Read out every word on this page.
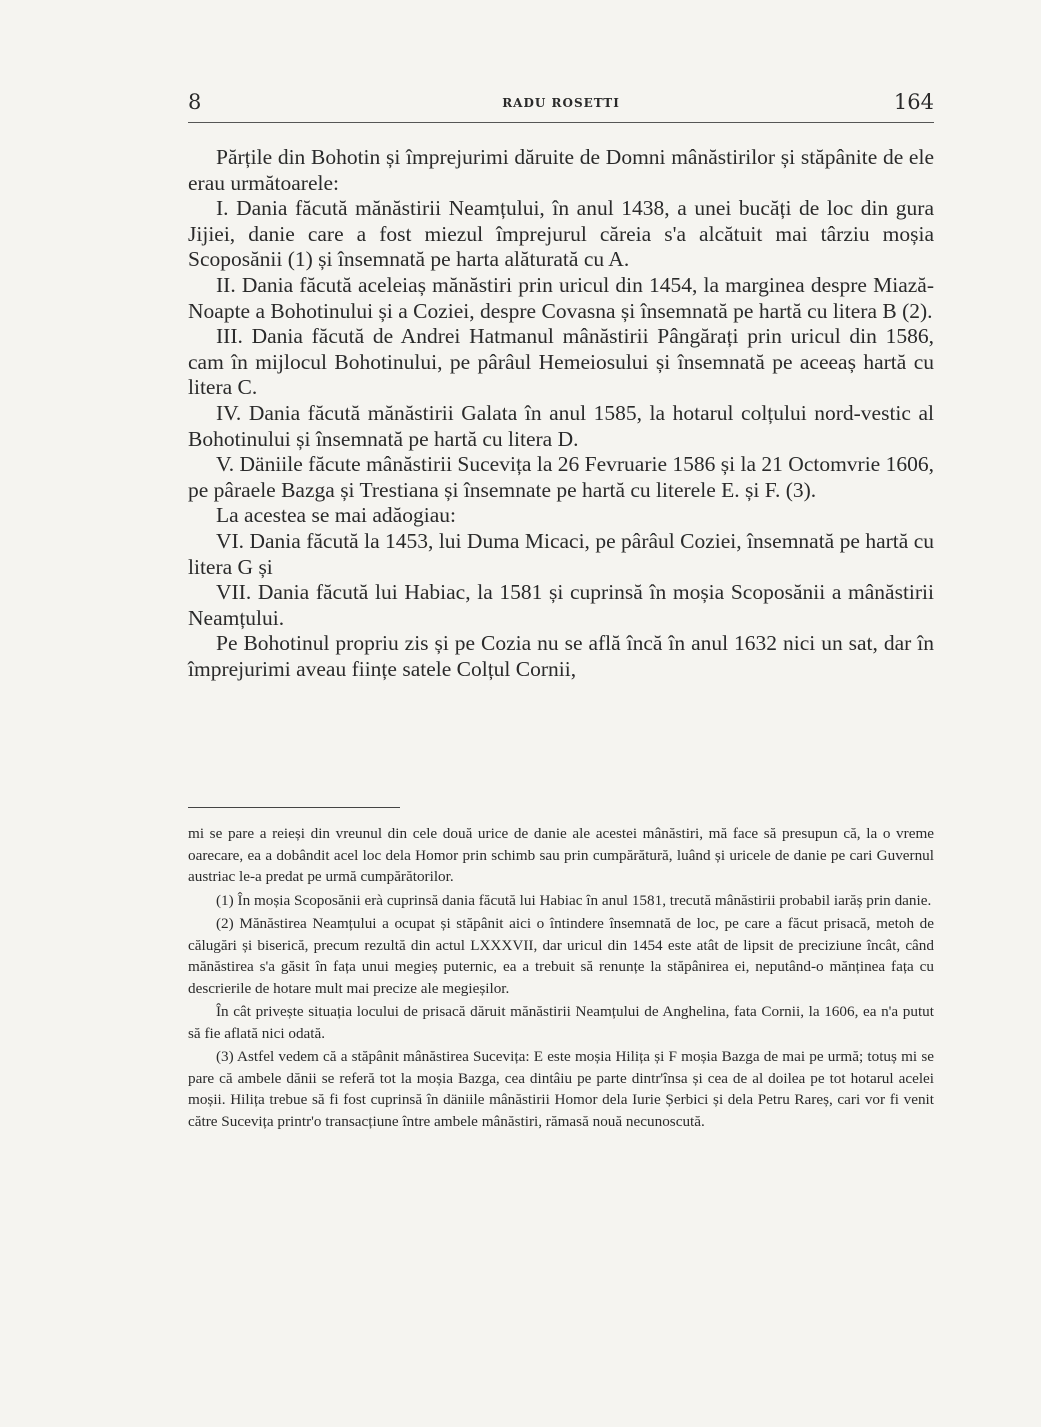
8	RADU ROSETTI	164

Părțile din Bohotin și împrejurimi dăruite de Domni mânăstirilor și stăpânite de ele erau următoarele:

I. Dania făcută mănăstirii Neamțului, în anul 1438, a unei bucăți de loc din gura Jijiei, danie care a fost miezul împrejurul căreia s'a alcătuit mai târziu moșia Scoposănii (1) și însemnată pe harta alăturată cu A.

II. Dania făcută aceleiaș mănăstiri prin uricul din 1454, la marginea despre Miază-Noapte a Bohotinului și a Coziei, despre Covasna și însemnată pe hartă cu litera B (2).

III. Dania făcută de Andrei Hatmanul mânăstirii Pângărați prin uricul din 1586, cam în mijlocul Bohotinului, pe pârâul Hemeiosului și însemnată pe aceeaș hartă cu litera C.

IV. Dania făcută mănăstirii Galata în anul 1585, la hotarul colțului nord-vestic al Bohotinului și însemnată pe hartă cu litera D.

V. Däniile făcute mânăstirii Sucevița la 26 Fevruarie 1586 și la 21 Octomvrie 1606, pe pâraele Bazga și Trestiana și însemnate pe hartă cu literele E. și F. (3).

La acestea se mai adăogiau:

VI. Dania făcută la 1453, lui Duma Micaci, pe pârâul Coziei, însemnată pe hartă cu litera G și

VII. Dania făcută lui Habiac, la 1581 și cuprinsă în moșia Scoposănii a mânăstirii Neamțului.

Pe Bohotinul propriu zis și pe Cozia nu se află încă în anul 1632 nici un sat, dar în împrejurimi aveau ființe satele Colțul Cornii,

mi se pare a reieși din vreunul din cele două urice de danie ale acestei mânăstiri, mă face să presupun că, la o vreme oarecare, ea a dobândit acel loc dela Homor prin schimb sau prin cumpărătură, luând și uricele de danie pe cari Guvernul austriac le-a predat pe urmă cumpărătorilor.

(1) În moșia Scoposănii erà cuprinsă dania făcută lui Habiac în anul 1581, trecută mânăstirii probabil iarăș prin danie.

(2) Mănăstirea Neamțului a ocupat și stăpânit aici o întindere însemnată de loc, pe care a făcut prisacă, metoh de călugări și biserică, precum rezultă din actul LXXXVII, dar uricul din 1454 este atât de lipsit de preciziune încât, când mănăstirea s'a găsit în fața unui megieș puternic, ea a trebuit să renunțe la stăpânirea ei, neputând-o mănținea fața cu descrierile de hotare mult mai precize ale megieșilor.

În cât privește situația locului de prisacă dăruit mănăstirii Neamțului de Anghelina, fata Cornii, la 1606, ea n'a putut să fie aflată nici odată.

(3) Astfel vedem că a stăpânit mânăstirea Sucevița: E este moșia Hilița și F moșia Bazga de mai pe urmă; totuș mi se pare că ambele dănii se referă tot la moșia Bazga, cea dintâiu pe parte dintr'însa și cea de al doilea pe tot hotarul acelei moșii. Hilița trebue să fi fost cuprinsă în däniile mânăstirii Homor dela Iurie Șerbici și dela Petru Rareș, cari vor fi venit către Sucevița printr'o transacțiune între ambele mânăstiri, rămasă nouă necunoscută.
